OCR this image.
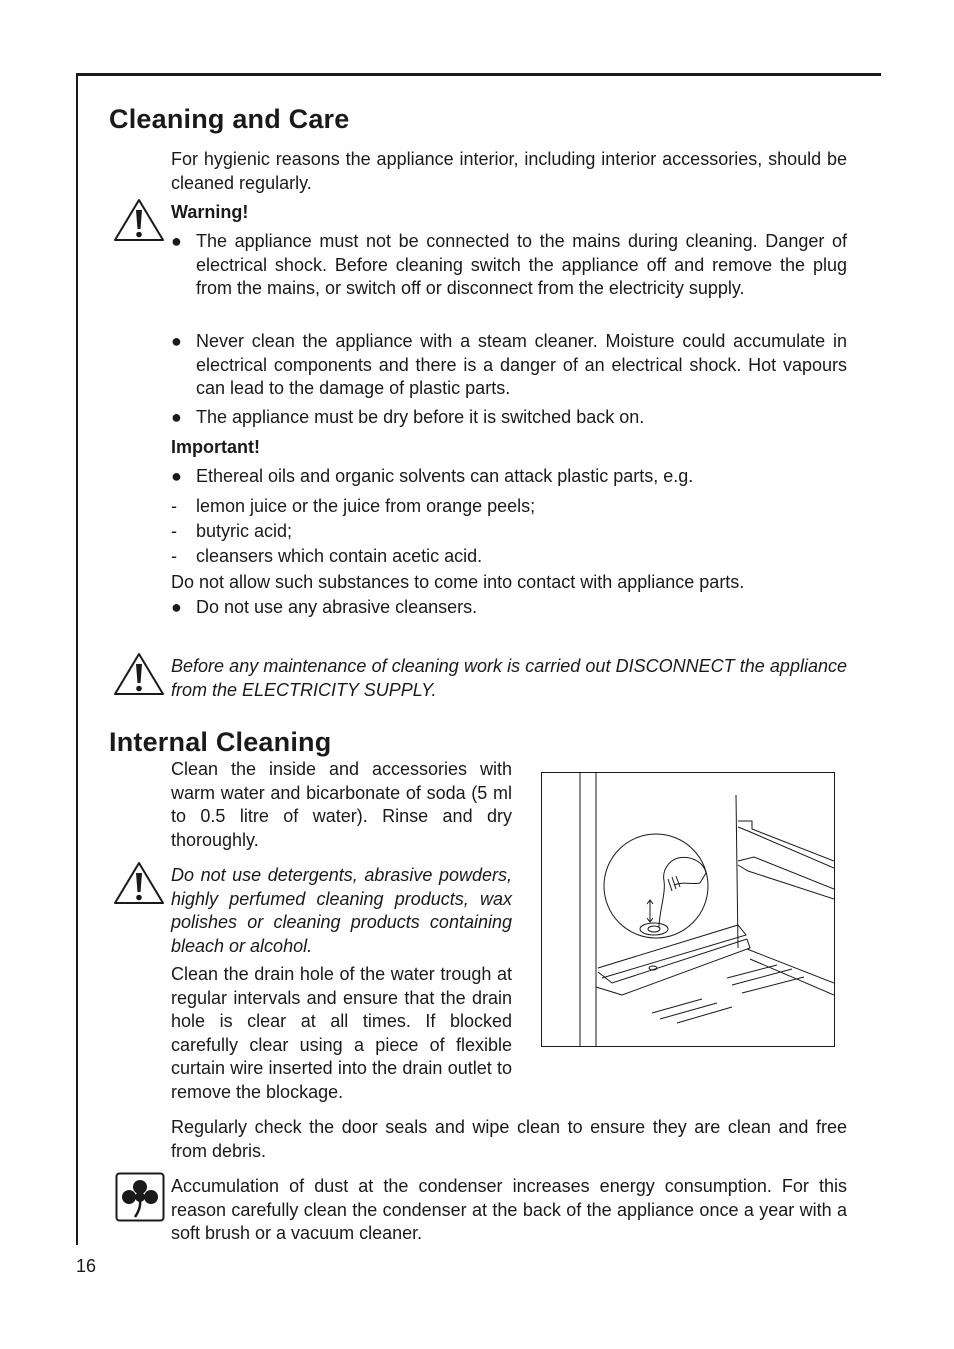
Cleaning and Care
For hygienic reasons the appliance interior, including interior accessories, should be cleaned regularly.
Warning!
● The appliance must not be connected to the mains during cleaning. Danger of electrical shock. Before cleaning switch the appliance off and remove the plug from the mains, or switch off or disconnect from the electricity supply.
● Never clean the appliance with a steam cleaner. Moisture could accumulate in electrical components and there is a danger of an electrical shock. Hot vapours can lead to the damage of plastic parts.
● The appliance must be dry before it is switched back on.
Important!
● Ethereal oils and organic solvents can attack plastic parts, e.g.
-	lemon juice or the juice from orange peels;
-	butyric acid;
-	cleansers which contain acetic acid.
Do not allow such substances to come into contact with appliance parts.
● Do not use any abrasive cleansers.
Before any maintenance of cleaning work is carried out DISCONNECT the appliance from the ELECTRICITY SUPPLY.
Internal Cleaning
Clean the inside and accessories with warm water and bicarbonate of soda (5 ml to 0.5 litre of water). Rinse and dry thoroughly.
Do not use detergents, abrasive powders, highly perfumed cleaning products, wax polishes or cleaning products containing bleach or alcohol.
Clean the drain hole of the water trough at regular intervals and ensure that the drain hole is clear at all times. If blocked carefully clear using a piece of flexible curtain wire inserted into the drain outlet to remove the blockage.
Regularly check the door seals and wipe clean to ensure they are clean and free from debris.
Accumulation of dust at the condenser increases energy consumption. For this reason carefully clean the condenser at the back of the appliance once a year with a soft brush or a vacuum cleaner.
16
